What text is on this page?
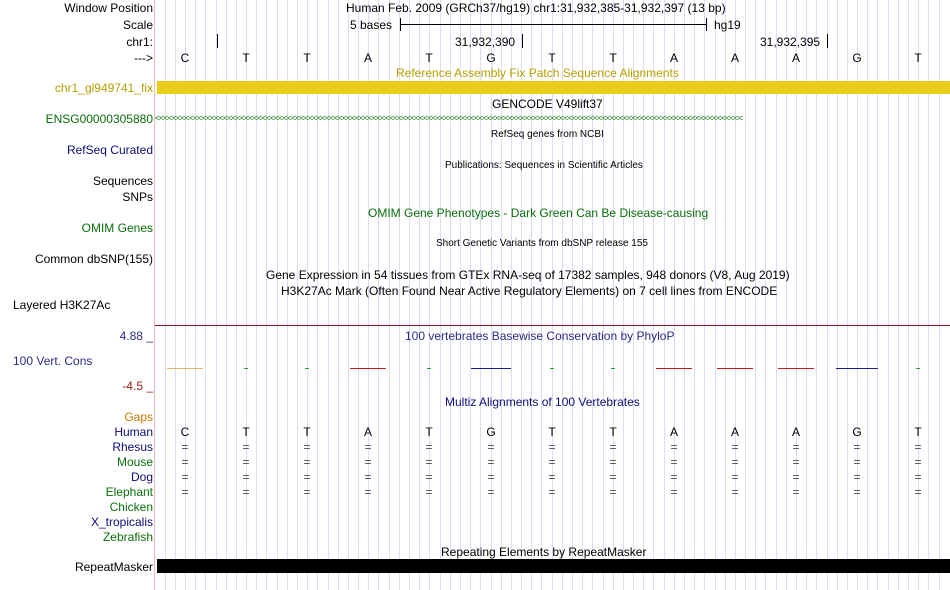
Window Position
Scale
chr1:
--->
chr1_gl949741_fix
ENSG00000305880
RefSeq Curated
Sequences
SNPs
OMIM Genes
Common dbSNP(155)
Layered H3K27Ac
4.88 _
100 Vert. Cons
-4.5 _
Gaps
Human
Rhesus
Mouse
Dog
Elephant
Chicken
X_tropicalis
Zebrafish
RepeatMasker
Human Feb. 2009 (GRCh37/hg19) chr1:31,932,385-31,932,397 (13 bp)
5 bases	hg19
31,932,390	31,932,395
C	T	T	A	T	G	T	T	A	A	A	G	T
Reference Assembly Fix Patch Sequence Alignments
GENCODE V49lift37
<<<<<<<<<<<<<<<<<<<<<<<<<<<<<<<<<<<<<<<<<<<<<<<<<<<<<<<<<<<<<<<<<<<<<<<<<<<<<<<<<<<<<<<<<<<<<<<<<<<<<<<<<<<<<<<<<<<<<<<<<<<<<<<<<<<<<<<<<<
RefSeq genes from NCBI
Publications: Sequences in Scientific Articles
OMIM Gene Phenotypes - Dark Green Can Be Disease-causing
Short Genetic Variants from dbSNP release 155
Gene Expression in 54 tissues from GTEx RNA-seq of 17382 samples, 948 donors (V8, Aug 2019)
H3K27Ac Mark (Often Found Near Active Regulatory Elements) on 7 cell lines from ENCODE
100 vertebrates Basewise Conservation by PhyloP
Multiz Alignments of 100 Vertebrates
C	T	T	A	T	G	T	T	A	A	A	G	T
=	=	=	=	=	=	=	=	=	=	=	=	=
=	=	=	=	=	=	=	=	=	=	=	=	=
=	=	=	=	=	=	=	=	=	=	=	=	=
=	=	=	=	=	=	=	=	=	=	=	=	=
Repeating Elements by RepeatMasker
